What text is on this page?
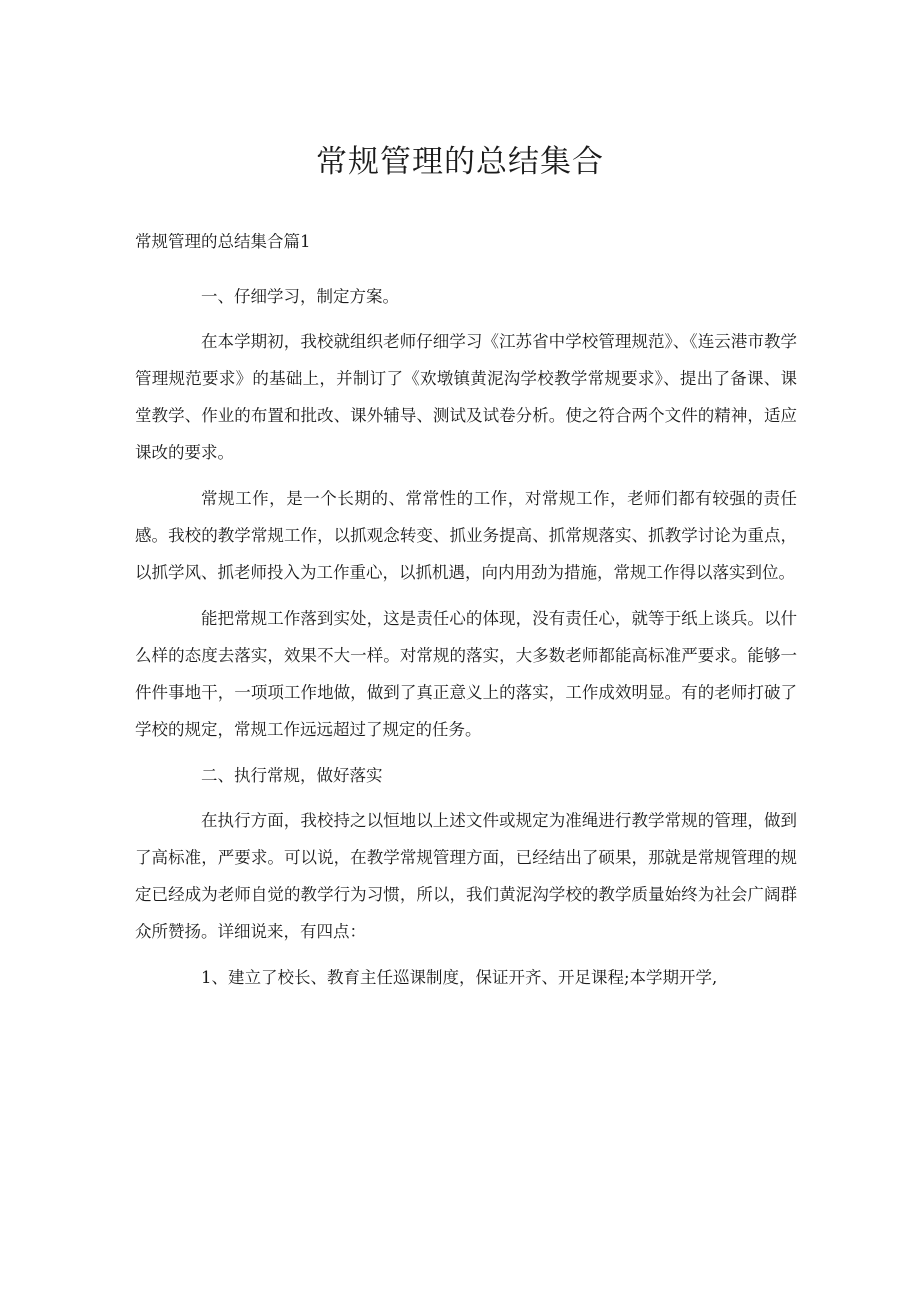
常规管理的总结集合
常规管理的总结集合篇1

一、仔细学习，制定方案。

在本学期初，我校就组织老师仔细学习《江苏省中学校管理规范》、《连云港市教学管理规范要求》的基础上，并制订了《欢墩镇黄泥沟学校教学常规要求》、提出了备课、课堂教学、作业的布置和批改、课外辅导、测试及试卷分析。使之符合两个文件的精神，适应课改的要求。

常规工作，是一个长期的、常常性的工作，对常规工作，老师们都有较强的责任感。我校的教学常规工作，以抓观念转变、抓业务提高、抓常规落实、抓教学讨论为重点，以抓学风、抓老师投入为工作重心，以抓机遇，向内用劲为措施，常规工作得以落实到位。

能把常规工作落到实处，这是责任心的体现，没有责任心，就等于纸上谈兵。以什么样的态度去落实，效果不大一样。对常规的落实，大多数老师都能高标准严要求。能够一件件事地干，一项项工作地做，做到了真正意义上的落实，工作成效明显。有的老师打破了学校的规定，常规工作远远超过了规定的任务。

二、执行常规，做好落实

在执行方面，我校持之以恒地以上述文件或规定为准绳进行教学常规的管理，做到了高标准，严要求。可以说，在教学常规管理方面，已经结出了硕果，那就是常规管理的规定已经成为老师自觉的教学行为习惯，所以，我们黄泥沟学校的教学质量始终为社会广阔群众所赞扬。详细说来，有四点：

1、建立了校长、教育主任巡课制度，保证开齐、开足课程;本学期开学,
